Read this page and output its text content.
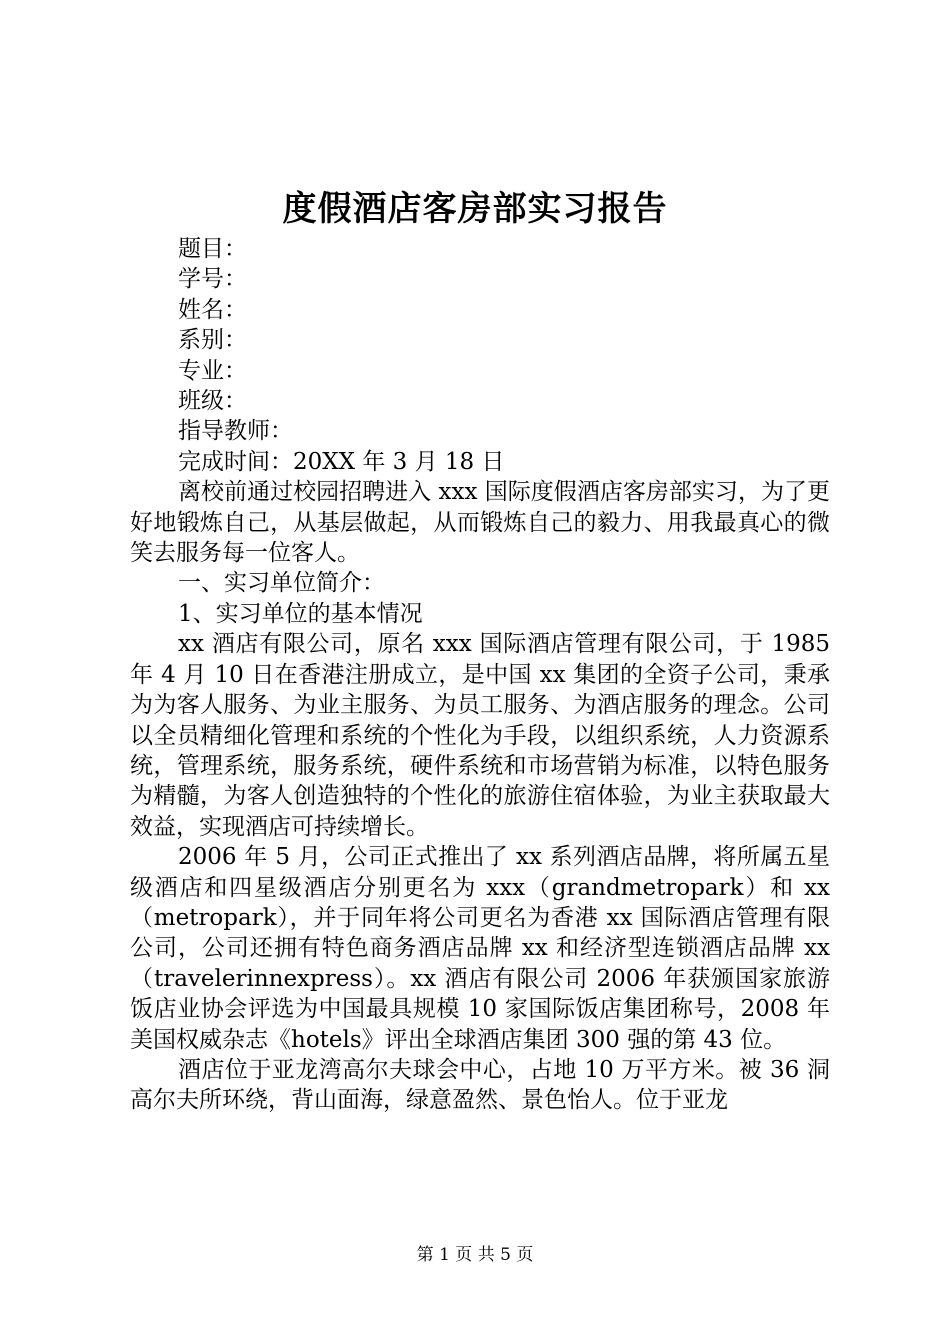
度假酒店客房部实习报告
题目：
学号：
姓名：
系别：
专业：
班级：
指导教师：
完成时间：20XX 年 3 月 18 日

离校前通过校园招聘进入 xxx 国际度假酒店客房部实习，为了更好地锻炼自己，从基层做起，从而锻炼自己的毅力、用我最真心的微笑去服务每一位客人。

一、实习单位简介：

1、实习单位的基本情况

xx 酒店有限公司，原名 xxx 国际酒店管理有限公司，于 1985 年 4 月 10 日在香港注册成立，是中国 xx 集团的全资子公司，秉承为为客人服务、为业主服务、为员工服务、为酒店服务的理念。公司以全员精细化管理和系统的个性化为手段，以组织系统，人力资源系统，管理系统，服务系统，硬件系统和市场营销为标准，以特色服务为精髓，为客人创造独特的个性化的旅游住宿体验，为业主获取最大效益，实现酒店可持续增长。

2006 年 5 月，公司正式推出了 xx 系列酒店品牌，将所属五星级酒店和四星级酒店分别更名为 xxx（grandmetropark）和 xx（metropark），并于同年将公司更名为香港 xx 国际酒店管理有限公司，公司还拥有特色商务酒店品牌 xx 和经济型连锁酒店品牌 xx（travelerinnexpress）。xx 酒店有限公司 2006 年获颁国家旅游饭店业协会评选为中国最具规模 10 家国际饭店集团称号，2008 年美国权威杂志《hotels》评出全球酒店集团 300 强的第 43 位。

酒店位于亚龙湾高尔夫球会中心，占地 10 万平方米。被 36 洞高尔夫所环绕，背山面海，绿意盈然、景色怡人。位于亚龙

第 1 页 共 5 页
